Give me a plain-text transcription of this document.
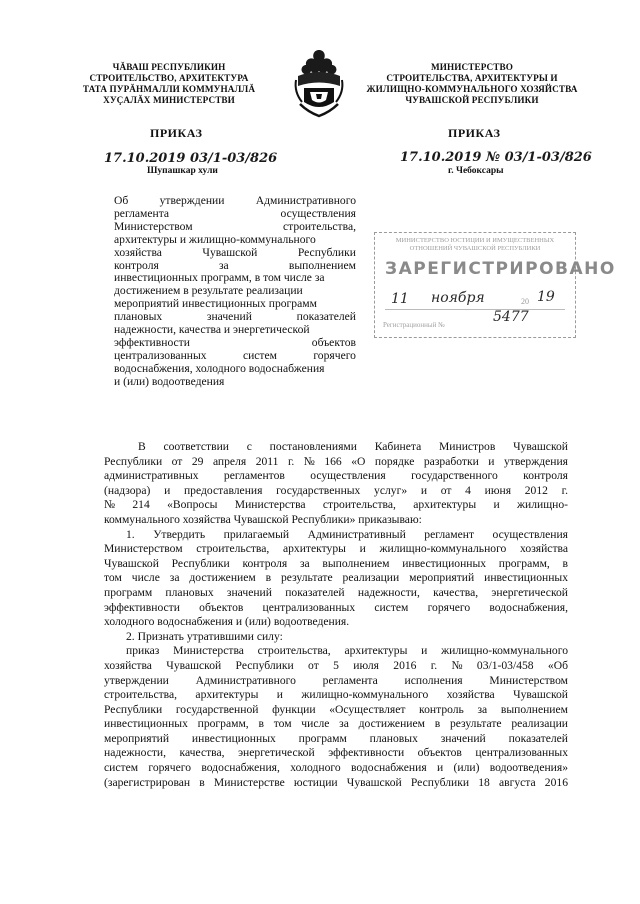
ЧĂВАШ РЕСПУБЛИКИН
СТРОИТЕЛЬСТВО, АРХИТЕКТУРА
ТАТА ПУРĂНМАЛЛИ КОММУНАЛЛĂ
ХУÇАЛĂХ МИНИСТЕРСТВИ
МИНИСТЕРСТВО
СТРОИТЕЛЬСТВА, АРХИТЕКТУРЫ И
ЖИЛИЩНО-КОММУНАЛЬНОГО ХОЗЯЙСТВА
ЧУВАШСКОЙ РЕСПУБЛИКИ
ПРИКАЗ	ПРИКАЗ
17.10.2019 03/1-03/826	17.10.2019 № 03/1-03/826
Шупашкар хули	г. Чебоксары
Об	утверждении	Административного
регламента	осуществления
Министерством	строительства,
архитектуры и жилищно-коммунального
хозяйства	Чувашской	Республики
контроля	за	выполнением
инвестиционных программ, в том числе за
достижением в результате реализации
мероприятий инвестиционных программ
плановых	значений	показателей
надежности, качества и энергетической
эффективности	объектов
централизованных	систем	горячего
водоснабжения, холодного водоснабжения
и (или) водоотведения
МИНИСТЕРСТВО ЮСТИЦИИ И ИМУЩЕСТВЕННЫХ
ОТНОШЕНИЙ ЧУВАШСКОЙ РЕСПУБЛИКИ
ЗАРЕГИСТРИРОВАНО
11 ноября	20 19
Регистрационный №	5477
В соответствии с постановлениями Кабинета Министров Чувашской
Республики от 29 апреля 2011 г. № 166 «О порядке разработки и утверждения
административных регламентов осуществления государственного контроля
(надзора) и предоставления государственных услуг» и от 4 июня 2012 г.
№ 214 «Вопросы Министерства строительства, архитектуры и жилищно-
коммунального хозяйства Чувашской Республики» приказываю:
1. Утвердить прилагаемый Административный регламент осуществления
Министерством строительства, архитектуры и жилищно-коммунального хозяйства
Чувашской Республики контроля за выполнением инвестиционных программ, в
том числе за достижением в результате реализации мероприятий инвестиционных
программ плановых значений показателей надежности, качества, энергетической
эффективности объектов централизованных систем горячего водоснабжения,
холодного водоснабжения и (или) водоотведения.
2. Признать утратившими силу:
приказ Министерства строительства, архитектуры и жилищно-коммунального
хозяйства Чувашской Республики от 5 июля 2016 г. № 03/1-03/458 «Об
утверждении Административного регламента исполнения Министерством
строительства, архитектуры и жилищно-коммунального хозяйства Чувашской
Республики государственной функции «Осуществляет контроль за выполнением
инвестиционных программ, в том числе за достижением в результате реализации
мероприятий инвестиционных программ плановых значений показателей
надежности, качества, энергетической эффективности объектов централизованных
систем горячего водоснабжения, холодного водоснабжения и (или) водоотведения»
(зарегистрирован в Министерстве юстиции Чувашской Республики 18 августа 2016
